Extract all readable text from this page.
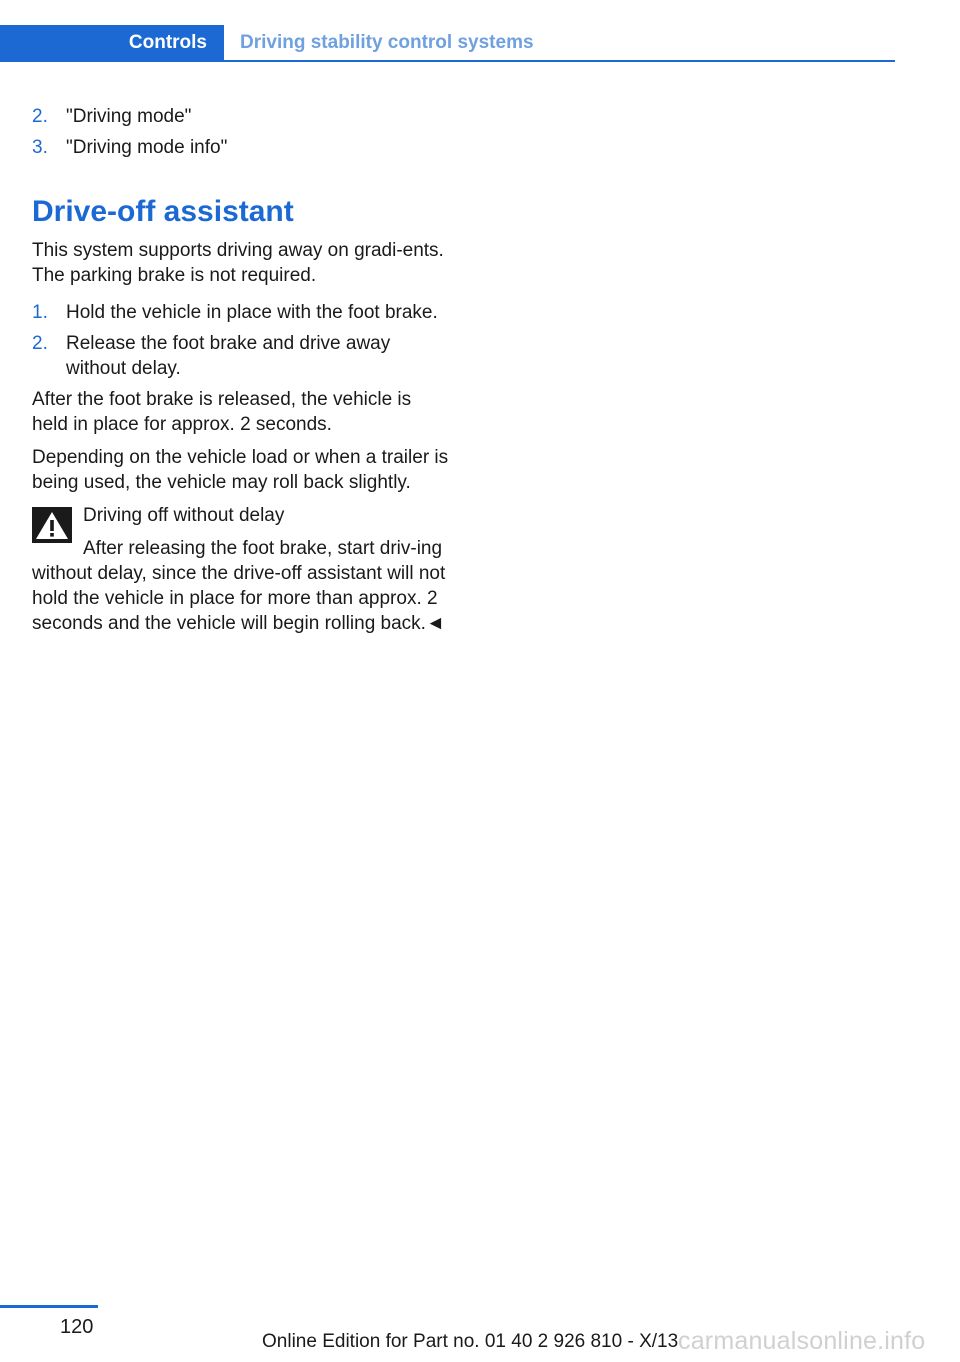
Controls Driving stability control systems
2. "Driving mode"
3. "Driving mode info"
Drive-off assistant

This system supports driving away on gradi-ents. The parking brake is not required.

1. Hold the vehicle in place with the foot brake.
2. Release the foot brake and drive away without delay.

After the foot brake is released, the vehicle is held in place for approx. 2 seconds.

Depending on the vehicle load or when a trailer is being used, the vehicle may roll back slightly.

Driving off without delay

After releasing the foot brake, start driv-ing without delay, since the drive-off assistant will not hold the vehicle in place for more than approx. 2 seconds and the vehicle will begin rolling back.◄

120
Online Edition for Part no. 01 40 2 926 810 - X/13 carmanualsonline.info
